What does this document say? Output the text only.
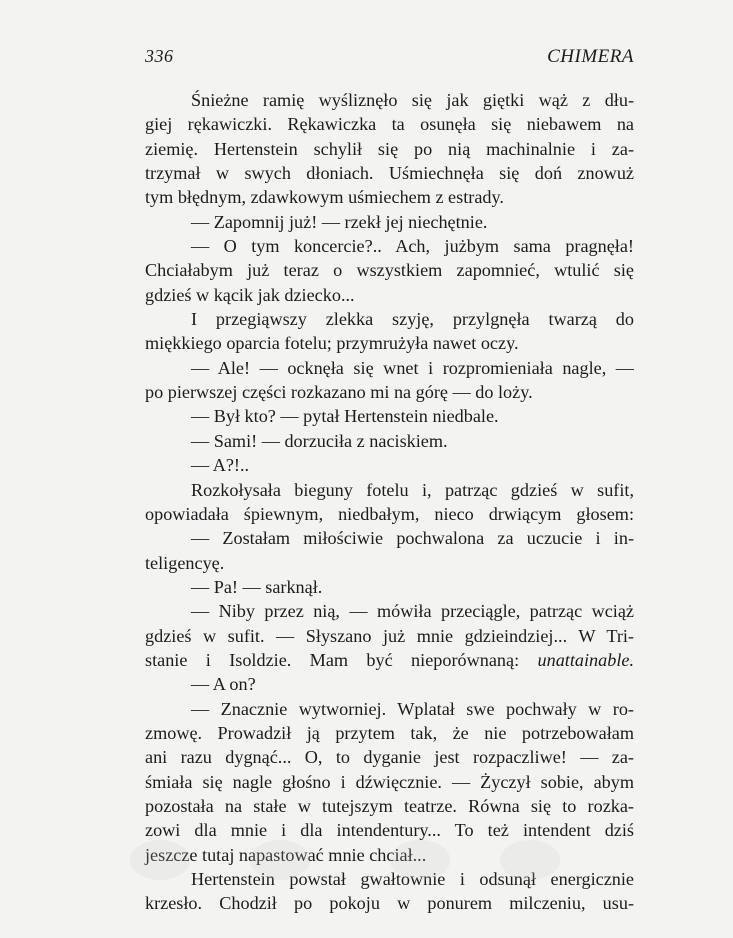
336	CHIMERA
Śnieżne ramię wyśliznęło się jak giętki wąż z dłu-
giej rękawiczki. Rękawiczka ta osunęła się niebawem na
ziemię. Hertenstein schylił się po nią machinalnie i za-
trzymał w swych dłoniach. Uśmiechnęła się doń znowuż
tym błędnym, zdawkowym uśmiechem z estrady.
— Zapomnij już! — rzekł jej niechętnie.
— O tym koncercie?.. Ach, jużbym sama pragnęła!
Chciałabym już teraz o wszystkiem zapomnieć, wtulić się
gdzieś w kącik jak dziecko...
I przegiąwszy zlekka szyję, przylgnęła twarzą do
miękkiego oparcia fotelu; przymrużyła nawet oczy.
— Ale! — ocknęła się wnet i rozpromieniała nagle, —
po pierwszej części rozkazano mi na górę — do loży.
— Był kto? — pytał Hertenstein niedbale.
— Sami! — dorzuciła z naciskiem.
— A?!..
Rozkołysała bieguny fotelu i, patrząc gdzieś w sufit,
opowiadała śpiewnym, niedbałym, nieco drwiącym głosem:
— Zostałam miłościwie pochwalona za uczucie i in-
teligencyę.
— Pa! — sarknął.
— Niby przez nią, — mówiła przeciągle, patrząc wciąż
gdzieś w sufit. — Słyszano już mnie gdzieindziej... W Tri-
stanie i Isoldzie. Mam być nieporównaną: unattainable.
— A on?
— Znacznie wytworniej. Wplatał swe pochwały w ro-
zmowę. Prowadził ją przytem tak, że nie potrzebowałam
ani razu dygnąć... O, to dyganie jest rozpaczliwe! — za-
śmiała się nagle głośno i dźwięcznie. — Życzył sobie, abym
pozostała na stałe w tutejszym teatrze. Równa się to rozka-
zowi dla mnie i dla intendentury... To też intendent dziś
jeszcze tutaj napastować mnie chciał...
Hertenstein powstał gwałtownie i odsunął energicznie
krzesło. Chodził po pokoju w ponurem milczeniu, usu-
